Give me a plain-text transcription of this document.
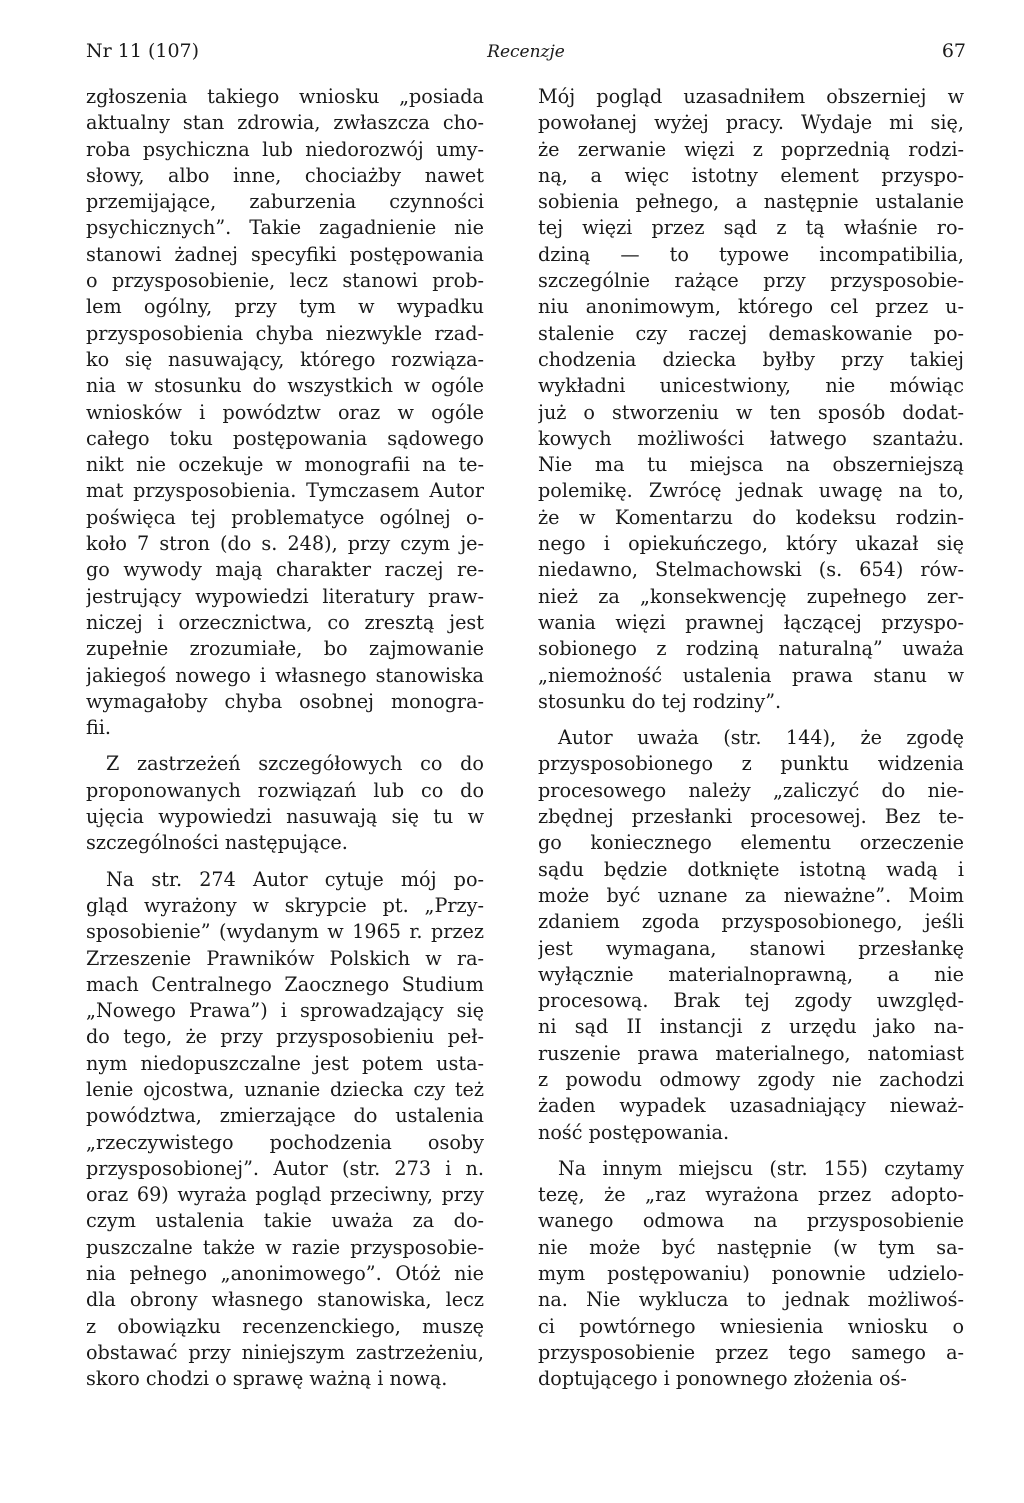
Nr 11 (107)	Recenzje	67
zgłoszenia takiego wniosku „posiada
aktualny stan zdrowia, zwłaszcza cho-
roba psychiczna lub niedorozwój umy-
słowy, albo inne, chociażby nawet
przemijające, zaburzenia czynności
psychicznych”. Takie zagadnienie nie
stanowi żadnej specyfiki postępowania
o przysposobienie, lecz stanowi prob-
lem ogólny, przy tym w wypadku
przysposobienia chyba niezwykle rzad-
ko się nasuwający, którego rozwiąza-
nia w stosunku do wszystkich w ogóle
wniosków i powództw oraz w ogóle
całego toku postępowania sądowego
nikt nie oczekuje w monografii na te-
mat przysposobienia. Tymczasem Autor
poświęca tej problematyce ogólnej o-
koło 7 stron (do s. 248), przy czym je-
go wywody mają charakter raczej re-
jestrujący wypowiedzi literatury praw-
niczej i orzecznictwa, co zresztą jest
zupełnie zrozumiałe, bo zajmowanie
jakiegoś nowego i własnego stanowiska
wymagałoby chyba osobnej monogra-
fii.
Z zastrzeżeń szczegółowych co do
proponowanych rozwiązań lub co do
ujęcia wypowiedzi nasuwają się tu w
szczególności następujące.
Na str. 274 Autor cytuje mój po-
gląd wyrażony w skrypcie pt. „Przy-
sposobienie” (wydanym w 1965 r. przez
Zrzeszenie Prawników Polskich w ra-
mach Centralnego Zaocznego Studium
„Nowego Prawa”) i sprowadzający się
do tego, że przy przysposobieniu peł-
nym niedopuszczalne jest potem usta-
lenie ojcostwa, uznanie dziecka czy też
powództwa, zmierzające do ustalenia
„rzeczywistego pochodzenia osoby
przysposobionej”. Autor (str. 273 i n.
oraz 69) wyraża pogląd przeciwny, przy
czym ustalenia takie uważa za do-
puszczalne także w razie przysposobie-
nia pełnego „anonimowego”. Otóż nie
dla obrony własnego stanowiska, lecz
z obowiązku recenzenckiego, muszę
obstawać przy niniejszym zastrzeżeniu,
skoro chodzi o sprawę ważną i nową.
Mój pogląd uzasadniłem obszerniej w
powołanej wyżej pracy. Wydaje mi się,
że zerwanie więzi z poprzednią rodzi-
ną, a więc istotny element przyspo-
sobienia pełnego, a następnie ustalanie
tej więzi przez sąd z tą właśnie ro-
dziną — to typowe incompatibilia,
szczególnie rażące przy przysposobie-
niu anonimowym, którego cel przez u-
stalenie czy raczej demaskowanie po-
chodzenia dziecka byłby przy takiej
wykładni unicestwiony, nie mówiąc
już o stworzeniu w ten sposób dodat-
kowych możliwości łatwego szantażu.
Nie ma tu miejsca na obszerniejszą
polemikę. Zwrócę jednak uwagę na to,
że w Komentarzu do kodeksu rodzin-
nego i opiekuńczego, który ukazał się
niedawno, Stelmachowski (s. 654) rów-
nież za „konsekwencję zupełnego zer-
wania więzi prawnej łączącej przyspo-
sobionego z rodziną naturalną” uważa
„niemożność ustalenia prawa stanu w
stosunku do tej rodziny”.
Autor uważa (str. 144), że zgodę
przysposobionego z punktu widzenia
procesowego należy „zaliczyć do nie-
zbędnej przesłanki procesowej. Bez te-
go koniecznego elementu orzeczenie
sądu będzie dotknięte istotną wadą i
może być uznane za nieważne”. Moim
zdaniem zgoda przysposobionego, jeśli
jest wymagana, stanowi przesłankę
wyłącznie materialnoprawną, a nie
procesową. Brak tej zgody uwzględ-
ni sąd II instancji z urzędu jako na-
ruszenie prawa materialnego, natomiast
z powodu odmowy zgody nie zachodzi
żaden wypadek uzasadniający nieważ-
ność postępowania.
Na innym miejscu (str. 155) czytamy
tezę, że „raz wyrażona przez adopto-
wanego odmowa na przysposobienie
nie może być następnie (w tym sa-
mym postępowaniu) ponownie udzielo-
na. Nie wyklucza to jednak możliwoś-
ci powtórnego wniesienia wniosku o
przysposobienie przez tego samego a-
doptującego i ponownego złożenia oś-
